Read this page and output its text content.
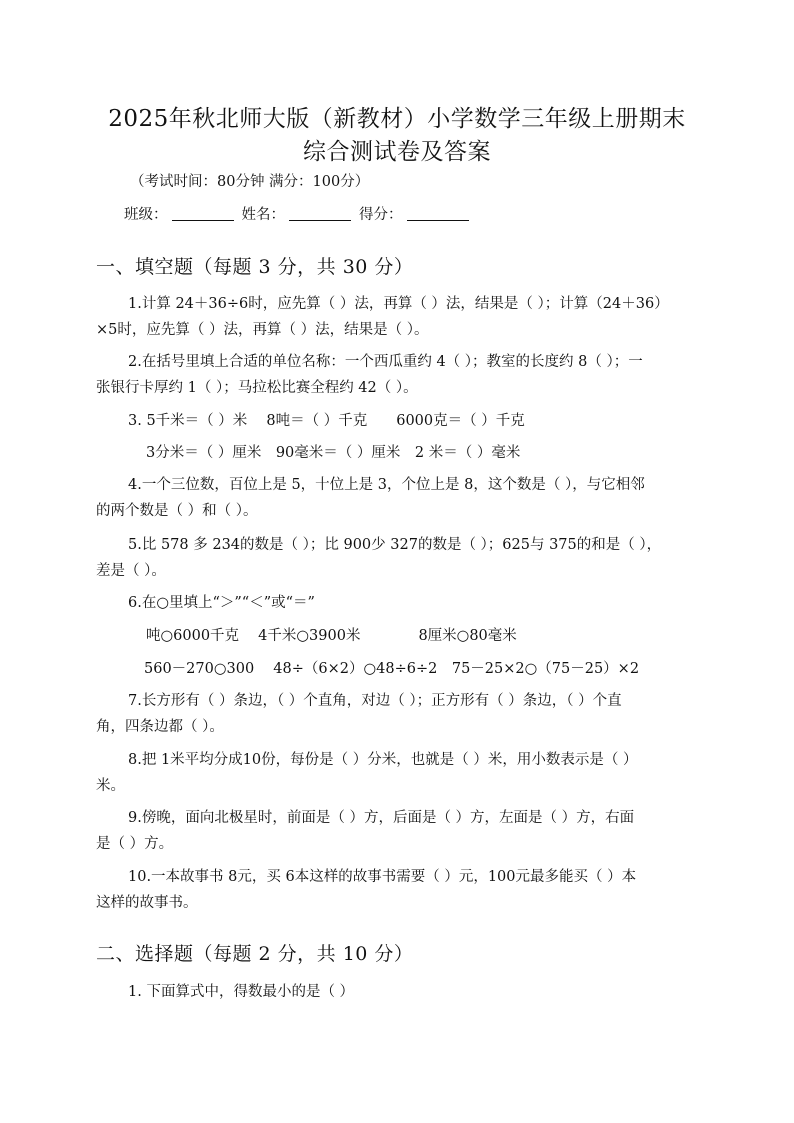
2025年秋北师大版（新教材）小学数学三年级上册期末
综合测试卷及答案
（考试时间：80分钟 满分：100分）
班级：	姓名：	得分：
一、填空题（每题 3 分，共 30 分）
1.计算 24＋36÷6时，应先算（ ）法，再算（ ）法，结果是（ ）；计算（24＋36）
×5时，应先算（ ）法，再算（ ）法，结果是（ ）。
2.在括号里填上合适的单位名称：一个西瓜重约 4（ ）；教室的长度约 8（ ）；一
张银行卡厚约 1（ ）；马拉松比赛全程约 42（ ）。
3. 5千米＝（ ）米　 8吨＝（ ）千克　　6000克＝（ ）千克
3分米＝（ ）厘米　90毫米＝（ ）厘米　2 米＝（ ）毫米
4.一个三位数，百位上是 5，十位上是 3，个位上是 8，这个数是（ ），与它相邻
的两个数是（ ）和（ ）。
5.比 578 多 234的数是（ ）；比 900少 327的数是（ ）；625与 375的和是（ ），
差是（ ）。
6.在○里填上“＞”“＜”或“＝”
吨○6000千克　 4千米○3900米　　　　8厘米○80毫米
560－270○300　 48÷（6×2）○48÷6÷2　75－25×2○（75－25）×2
7.长方形有（ ）条边，（ ）个直角，对边（ ）；正方形有（ ）条边，（ ）个直
角，四条边都（ ）。
8.把 1米平均分成10份，每份是（ ）分米，也就是（ ）米，用小数表示是（ ）
米。
9.傍晚，面向北极星时，前面是（ ）方，后面是（ ）方，左面是（ ）方，右面
是（ ）方。
10.一本故事书 8元，买 6本这样的故事书需要（ ）元，100元最多能买（ ）本
这样的故事书。
二、选择题（每题 2 分，共 10 分）
1. 下面算式中，得数最小的是（ ）
